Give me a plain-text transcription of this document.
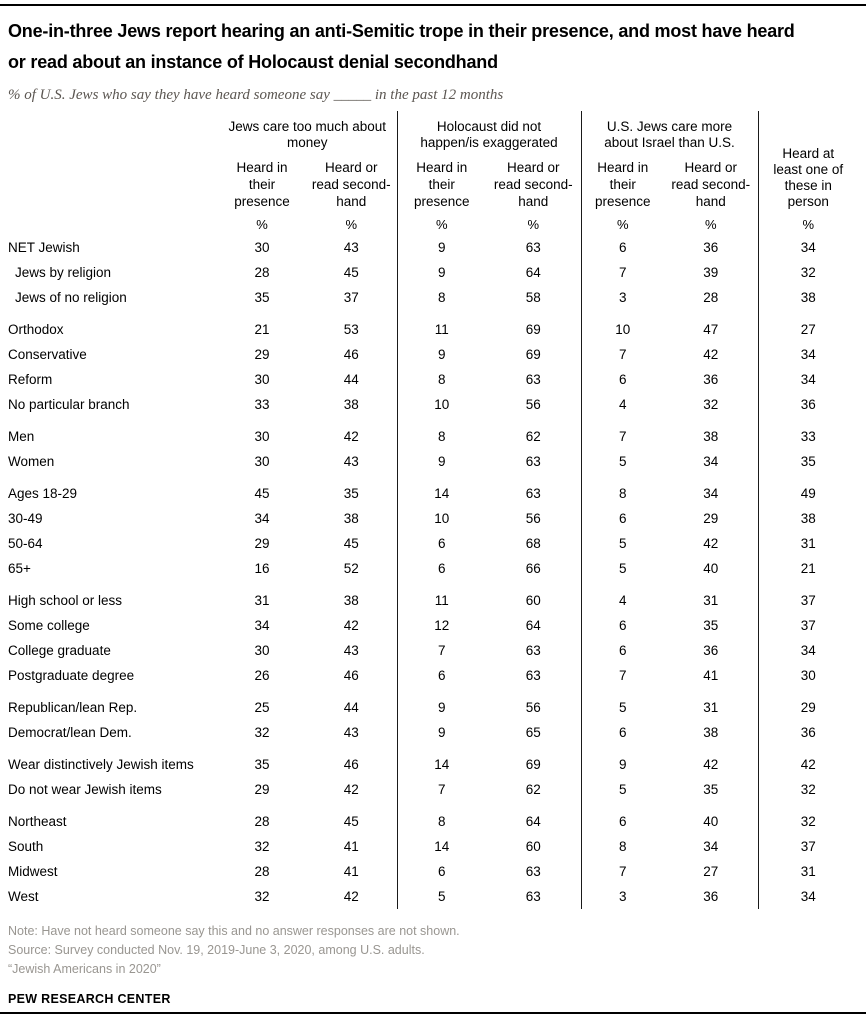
One-in-three Jews report hearing an anti-Semitic trope in their presence, and most have heard or read about an instance of Holocaust denial secondhand

% of U.S. Jews who say they have heard someone say _____ in the past 12 months

	Jews care too much about money		Holocaust did not happen/is exaggerated		U.S. Jews care more about Israel than U.S.		Heard at least one of these in person
	Heard in their presence	Heard or read second-hand	Heard in their presence	Heard or read second-hand	Heard in their presence	Heard or read second-hand	
	%	%	%	%	%	%	%
NET Jewish	30	43	9	63	6	36	34
Jews by religion	28	45	9	64	7	39	32
Jews of no religion	35	37	8	58	3	28	38
Orthodox	21	53	11	69	10	47	27
Conservative	29	46	9	69	7	42	34
Reform	30	44	8	63	6	36	34
No particular branch	33	38	10	56	4	32	36
Men	30	42	8	62	7	38	33
Women	30	43	9	63	5	34	35
Ages 18-29	45	35	14	63	8	34	49
30-49	34	38	10	56	6	29	38
50-64	29	45	6	68	5	42	31
65+	16	52	6	66	5	40	21
High school or less	31	38	11	60	4	31	37
Some college	34	42	12	64	6	35	37
College graduate	30	43	7	63	6	36	34
Postgraduate degree	26	46	6	63	7	41	30
Republican/lean Rep.	25	44	9	56	5	31	29
Democrat/lean Dem.	32	43	9	65	6	38	36
Wear distinctively Jewish items	35	46	14	69	9	42	42
Do not wear Jewish items	29	42	7	62	5	35	32
Northeast	28	45	8	64	6	40	32
South	32	41	14	60	8	34	37
Midwest	28	41	6	63	7	27	31
West	32	42	5	63	3	36	34

Note: Have not heard someone say this and no answer responses are not shown.

Source: Survey conducted Nov. 19, 2019-June 3, 2020, among U.S. adults.

“Jewish Americans in 2020”

PEW RESEARCH CENTER
